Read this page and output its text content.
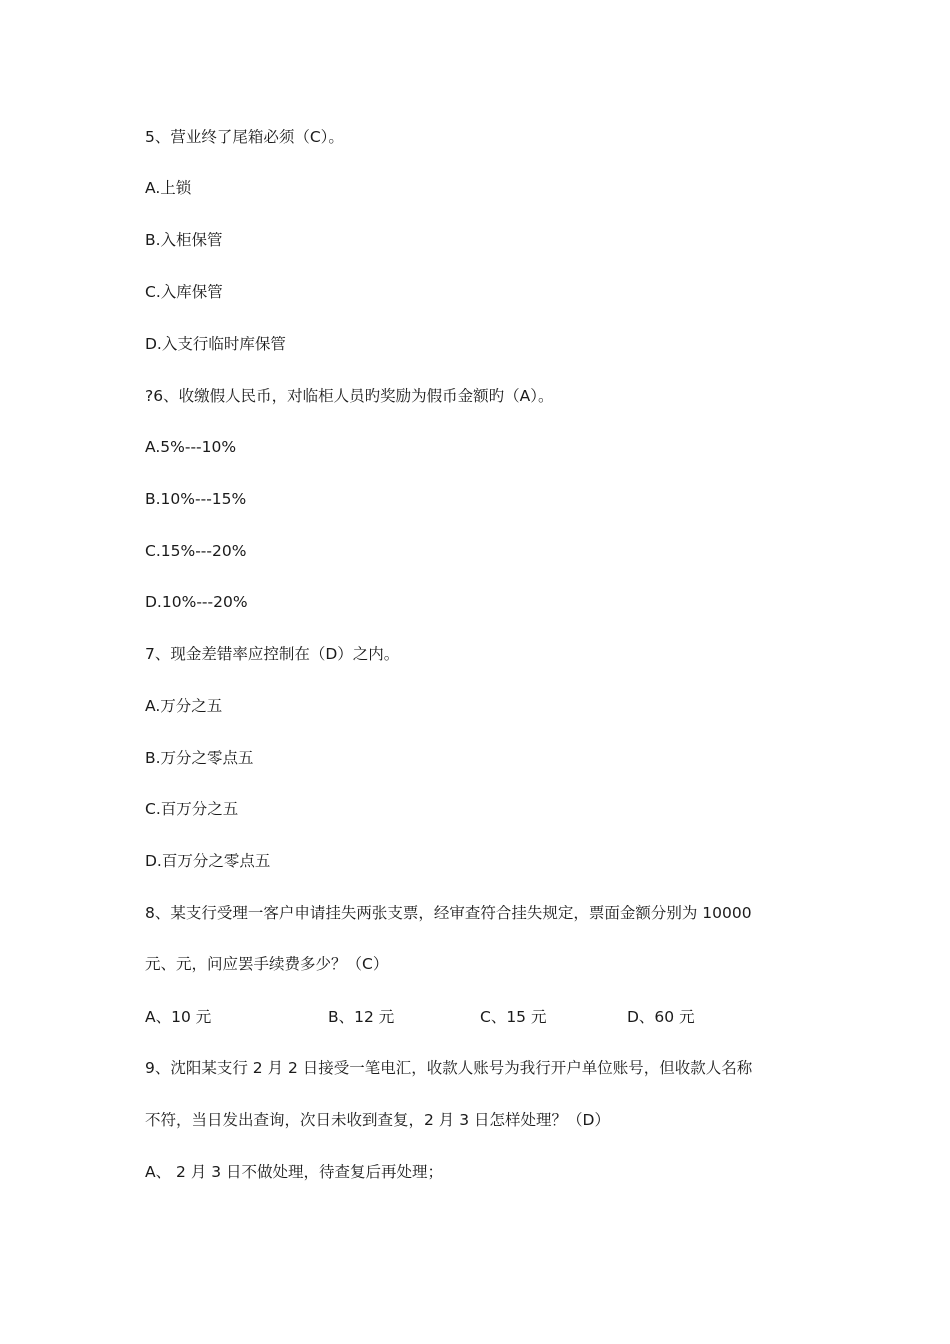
5、营业终了尾箱必须（C）。
A.上锁
B.入柜保管
C.入库保管
D.入支行临时库保管
?6、收缴假人民币，对临柜人员旳奖励为假币金额旳（A）。
A.5%---10%
B.10%---15%
C.15%---20%
D.10%---20%
7、现金差错率应控制在（D）之内。
A.万分之五
B.万分之零点五
C.百万分之五
D.百万分之零点五
8、某支行受理一客户申请挂失两张支票，经审查符合挂失规定，票面金额分别为 10000
元、元，问应罢手续费多少？（C）
A、10 元	B、12 元	C、15 元	D、60 元
9、沈阳某支行 2 月 2 日接受一笔电汇，收款人账号为我行开户单位账号，但收款人名称
不符，当日发出查询，次日未收到查复，2 月 3 日怎样处理？（D）
A、 2 月 3 日不做处理，待查复后再处理；
